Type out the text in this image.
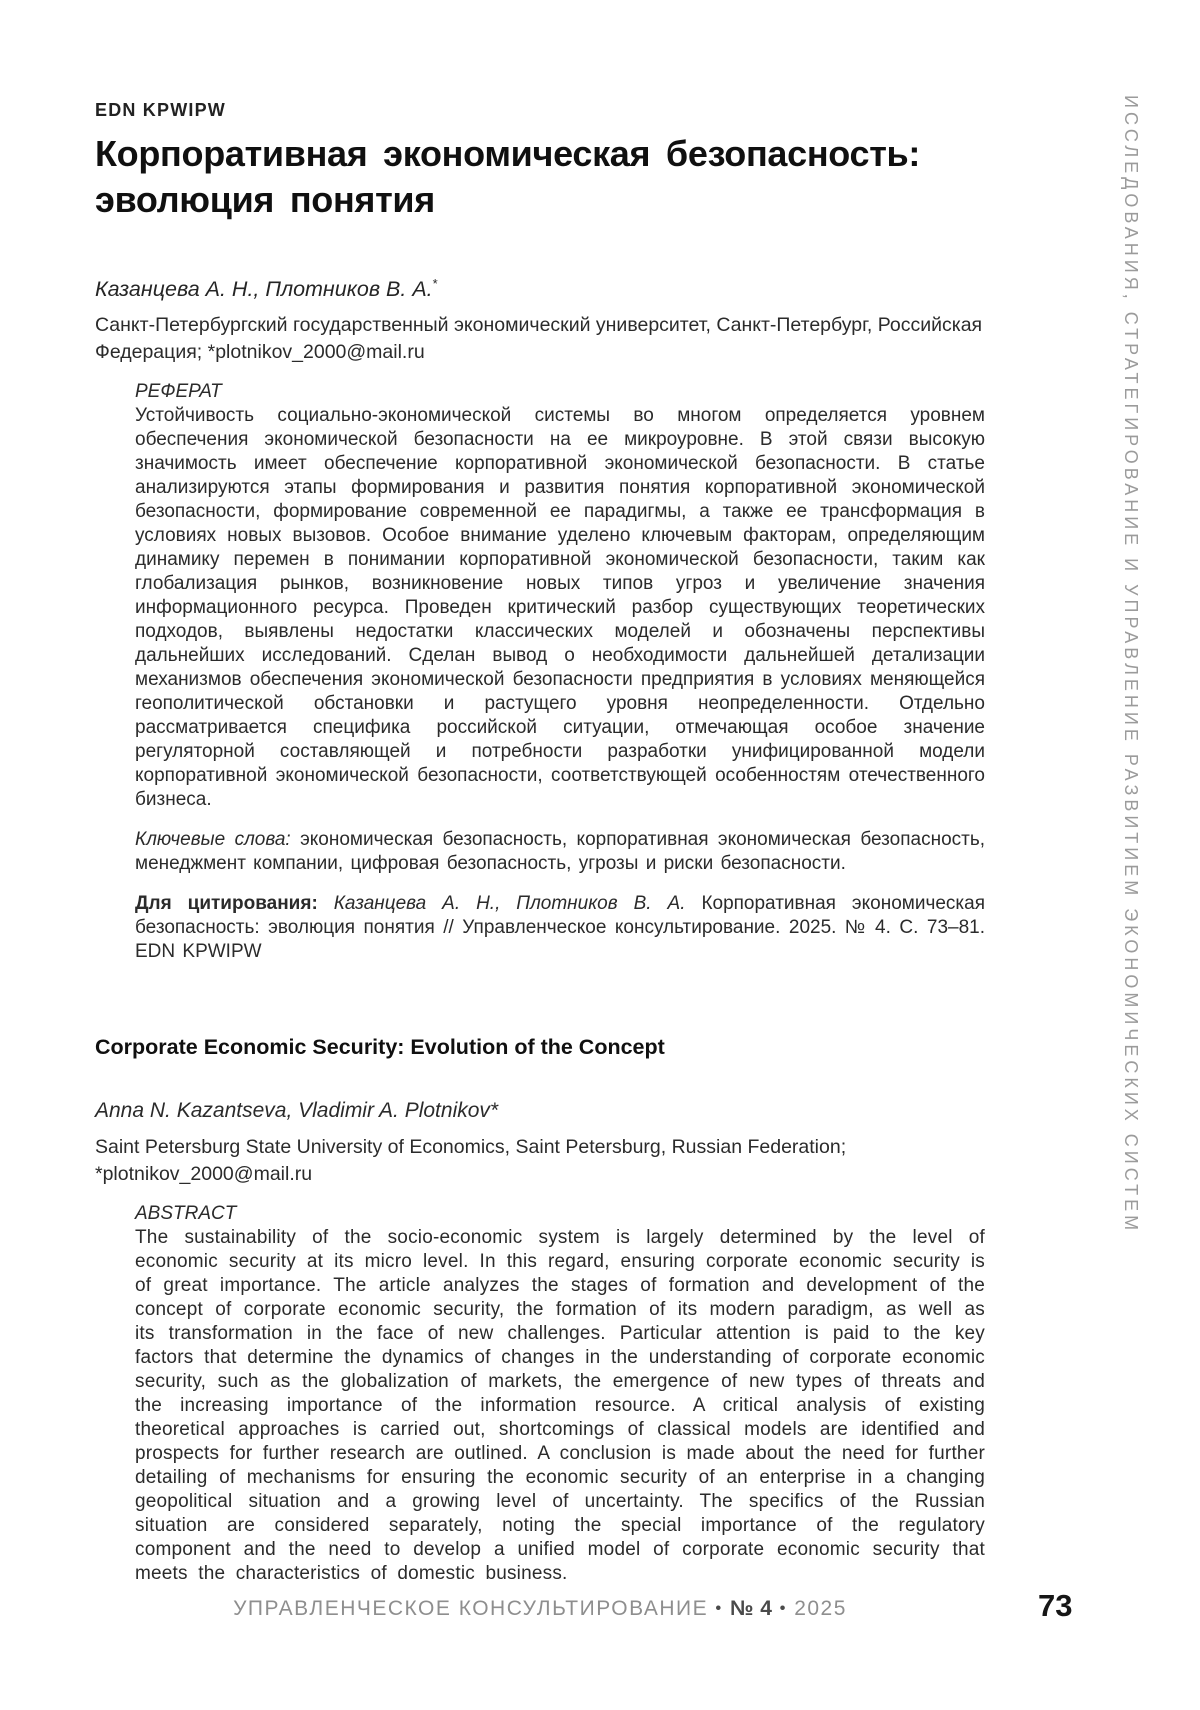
ИССЛЕДОВАНИЯ, СТРАТЕГИРОВАНИЕ И УПРАВЛЕНИЕ РАЗВИТИЕМ ЭКОНОМИЧЕСКИХ СИСТЕМ

EDN KPWIPW

Корпоративная экономическая безопасность: эволюция понятия

Казанцева А. Н., Плотников В. А.*

Санкт-Петербургский государственный экономический университет, Санкт-Петербург, Российская Федерация; *plotnikov_2000@mail.ru

РЕФЕРАТ

Устойчивость социально-экономической системы во многом определяется уровнем обеспечения экономической безопасности на ее микроуровне. В этой связи высокую значимость имеет обеспечение корпоративной экономической безопасности. В статье анализируются этапы формирования и развития понятия корпоративной экономической безопасности, формирование современной ее парадигмы, а также ее трансформация в условиях новых вызовов. Особое внимание уделено ключевым факторам, определяющим динамику перемен в понимании корпоративной экономической безопасности, таким как глобализация рынков, возникновение новых типов угроз и увеличение значения информационного ресурса. Проведен критический разбор существующих теоретических подходов, выявлены недостатки классических моделей и обозначены перспективы дальнейших исследований. Сделан вывод о необходимости дальнейшей детализации механизмов обеспечения экономической безопасности предприятия в условиях меняющейся геополитической обстановки и растущего уровня неопределенности. Отдельно рассматривается специфика российской ситуации, отмечающая особое значение регуляторной составляющей и потребности разработки унифицированной модели корпоративной экономической безопасности, соответствующей особенностям отечественного бизнеса.

Ключевые слова: экономическая безопасность, корпоративная экономическая безопасность, менеджмент компании, цифровая безопасность, угрозы и риски безопасности.

Для цитирования: Казанцева А. Н., Плотников В. А. Корпоративная экономическая безопасность: эволюция понятия // Управленческое консультирование. 2025. № 4. С. 73–81. EDN KPWIPW

Corporate Economic Security: Evolution of the Concept

Anna N. Kazantseva, Vladimir A. Plotnikov*

Saint Petersburg State University of Economics, Saint Petersburg, Russian Federation; *plotnikov_2000@mail.ru

ABSTRACT

The sustainability of the socio-economic system is largely determined by the level of economic security at its micro level. In this regard, ensuring corporate economic security is of great importance. The article analyzes the stages of formation and development of the concept of corporate economic security, the formation of its modern paradigm, as well as its transformation in the face of new challenges. Particular attention is paid to the key factors that determine the dynamics of changes in the understanding of corporate economic security, such as the globalization of markets, the emergence of new types of threats and the increasing importance of the information resource. A critical analysis of existing theoretical approaches is carried out, shortcomings of classical models are identified and prospects for further research are outlined. A conclusion is made about the need for further detailing of mechanisms for ensuring the economic security of an enterprise in a changing geopolitical situation and a growing level of uncertainty. The specifics of the Russian situation are considered separately, noting the special importance of the regulatory component and the need to develop a unified model of corporate economic security that meets the characteristics of domestic business.

УПРАВЛЕНЧЕСКОЕ КОНСУЛЬТИРОВАНИЕ • № 4 • 2025	73
